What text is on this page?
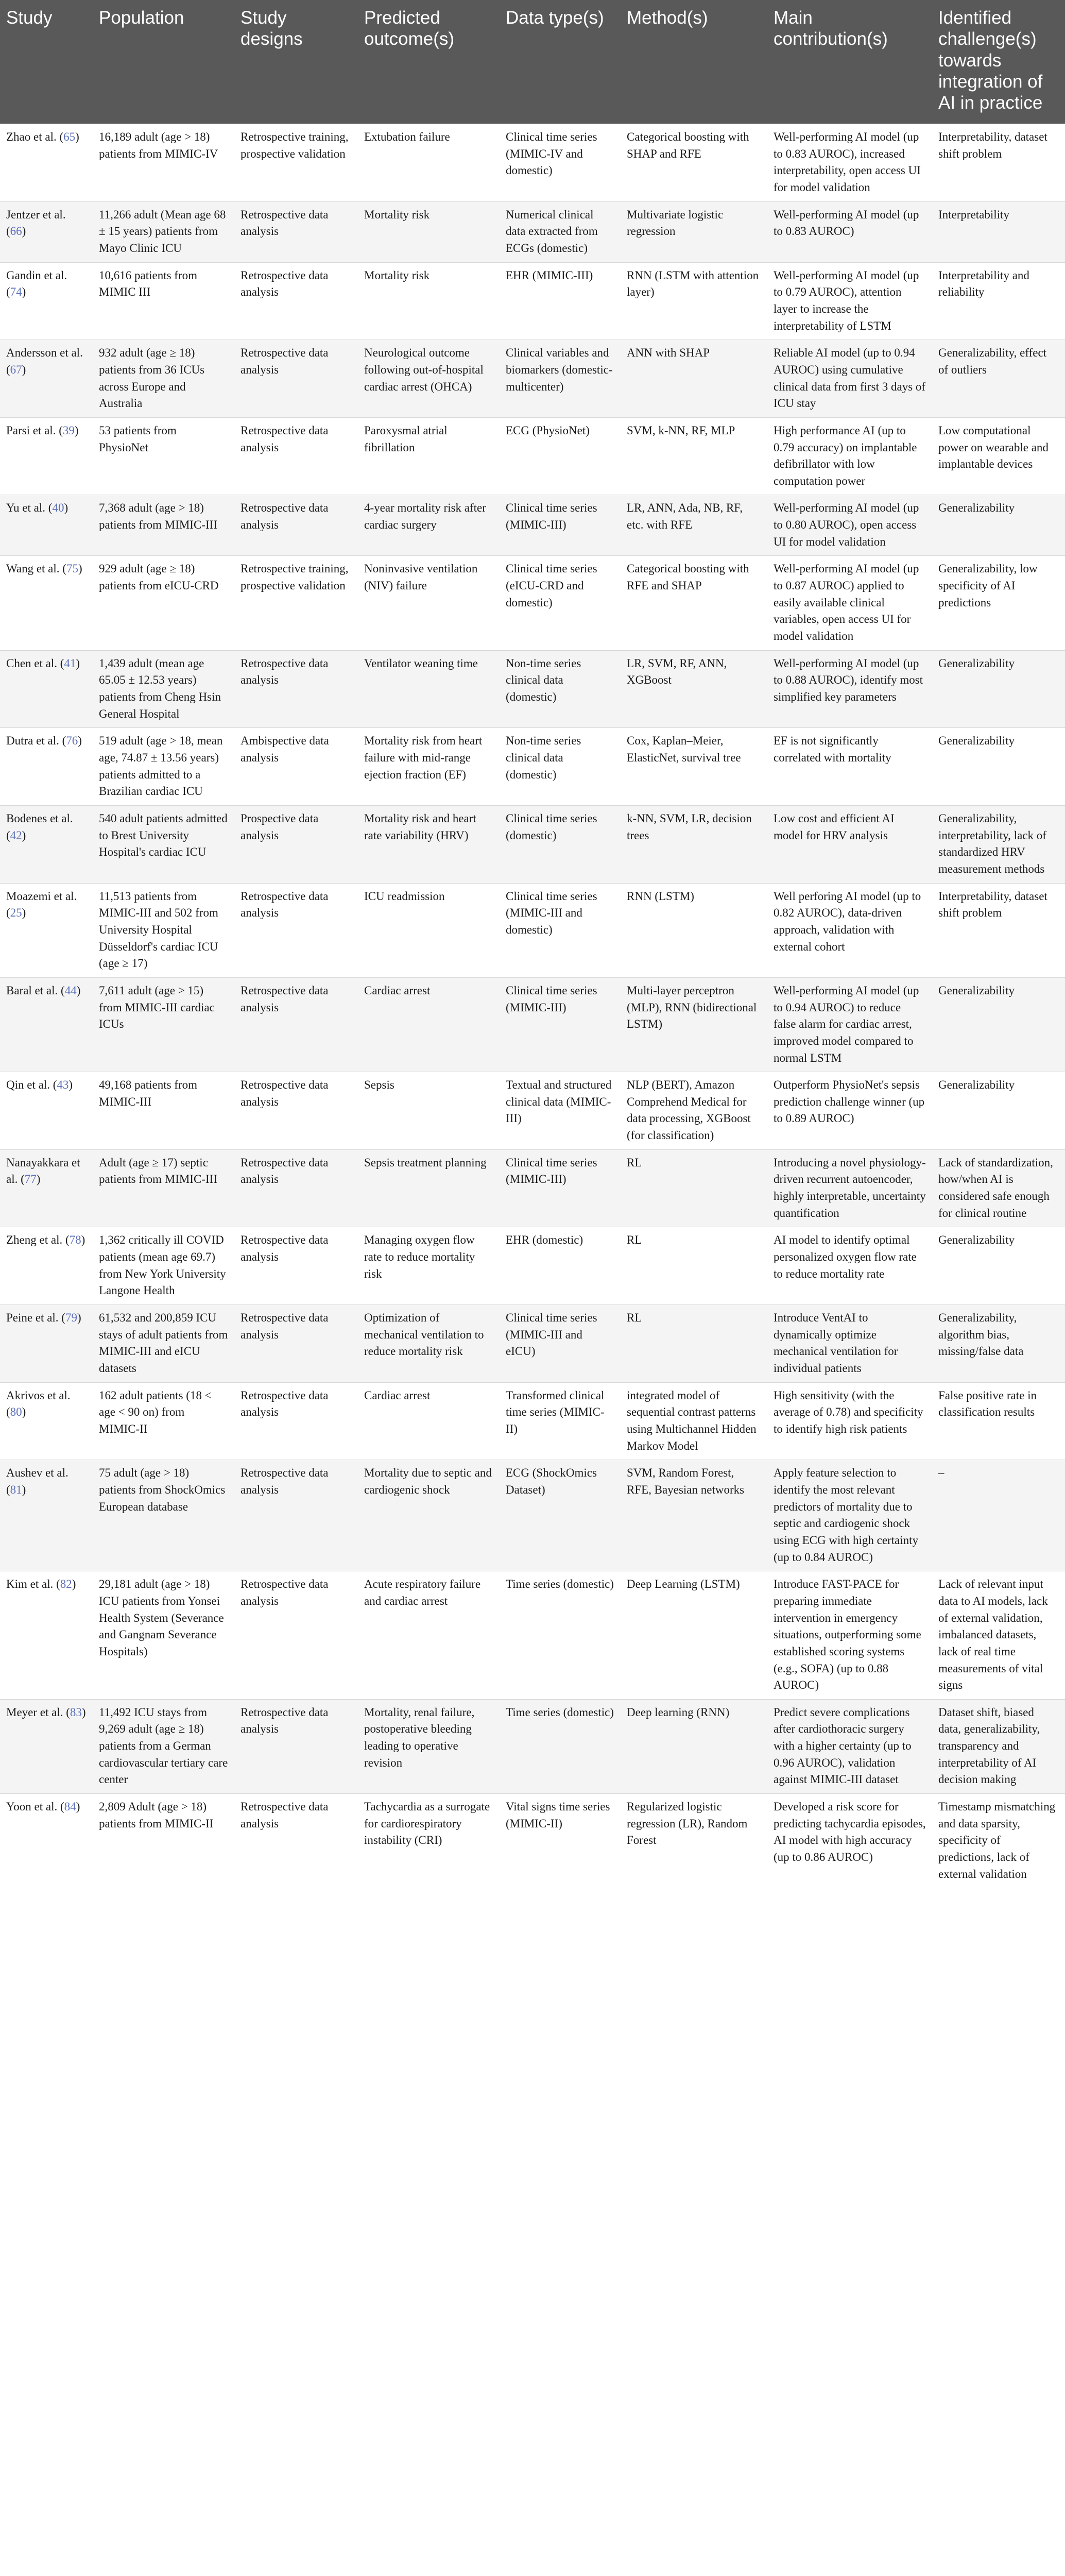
Study	Population	Study designs	Predicted outcome(s)	Data type(s)	Method(s)	Main contribution(s)	Identified challenge(s) towards integration of AI in practice
Zhao et al. (65)	16,189 adult (age > 18) patients from MIMIC-IV	Retrospective training, prospective validation	Extubation failure	Clinical time series (MIMIC-IV and domestic)	Categorical boosting with SHAP and RFE	Well-performing AI model (up to 0.83 AUROC), increased interpretability, open access UI for model validation	Interpretability, dataset shift problem
Jentzer et al. (66)	11,266 adult (Mean age 68 ± 15 years) patients from Mayo Clinic ICU	Retrospective data analysis	Mortality risk	Numerical clinical data extracted from ECGs (domestic)	Multivariate logistic regression	Well-performing AI model (up to 0.83 AUROC)	Interpretability
Gandin et al. (74)	10,616 patients from MIMIC III	Retrospective data analysis	Mortality risk	EHR (MIMIC-III)	RNN (LSTM with attention layer)	Well-performing AI model (up to 0.79 AUROC), attention layer to increase the interpretability of LSTM	Interpretability and reliability
Andersson et al. (67)	932 adult (age ≥ 18) patients from 36 ICUs across Europe and Australia	Retrospective data analysis	Neurological outcome following out-of-hospital cardiac arrest (OHCA)	Clinical variables and biomarkers (domestic-multicenter)	ANN with SHAP	Reliable AI model (up to 0.94 AUROC) using cumulative clinical data from first 3 days of ICU stay	Generalizability, effect of outliers
Parsi et al. (39)	53 patients from PhysioNet	Retrospective data analysis	Paroxysmal atrial fibrillation	ECG (PhysioNet)	SVM, k-NN, RF, MLP	High performance AI (up to 0.79 accuracy) on implantable defibrillator with low computation power	Low computational power on wearable and implantable devices
Yu et al. (40)	7,368 adult (age > 18) patients from MIMIC-III	Retrospective data analysis	4-year mortality risk after cardiac surgery	Clinical time series (MIMIC-III)	LR, ANN, Ada, NB, RF, etc. with RFE	Well-performing AI model (up to 0.80 AUROC), open access UI for model validation	Generalizability
Wang et al. (75)	929 adult (age ≥ 18) patients from eICU-CRD	Retrospective training, prospective validation	Noninvasive ventilation (NIV) failure	Clinical time series (eICU-CRD and domestic)	Categorical boosting with RFE and SHAP	Well-performing AI model (up to 0.87 AUROC) applied to easily available clinical variables, open access UI for model validation	Generalizability, low specificity of AI predictions
Chen et al. (41)	1,439 adult (mean age 65.05 ± 12.53 years) patients from Cheng Hsin General Hospital	Retrospective data analysis	Ventilator weaning time	Non-time series clinical data (domestic)	LR, SVM, RF, ANN, XGBoost	Well-performing AI model (up to 0.88 AUROC), identify most simplified key parameters	Generalizability
Dutra et al. (76)	519 adult (age > 18, mean age, 74.87 ± 13.56 years) patients admitted to a Brazilian cardiac ICU	Ambispective data analysis	Mortality risk from heart failure with mid-range ejection fraction (EF)	Non-time series clinical data (domestic)	Cox, Kaplan–Meier, ElasticNet, survival tree	EF is not significantly correlated with mortality	Generalizability
Bodenes et al. (42)	540 adult patients admitted to Brest University Hospital's cardiac ICU	Prospective data analysis	Mortality risk and heart rate variability (HRV)	Clinical time series (domestic)	k-NN, SVM, LR, decision trees	Low cost and efficient AI model for HRV analysis	Generalizability, interpretability, lack of standardized HRV measurement methods
Moazemi et al. (25)	11,513 patients from MIMIC-III and 502 from University Hospital Düsseldorf's cardiac ICU (age ≥ 17)	Retrospective data analysis	ICU readmission	Clinical time series (MIMIC-III and domestic)	RNN (LSTM)	Well perforing AI model (up to 0.82 AUROC), data-driven approach, validation with external cohort	Interpretability, dataset shift problem
Baral et al. (44)	7,611 adult (age > 15) from MIMIC-III cardiac ICUs	Retrospective data analysis	Cardiac arrest	Clinical time series (MIMIC-III)	Multi-layer perceptron (MLP), RNN (bidirectional LSTM)	Well-performing AI model (up to 0.94 AUROC) to reduce false alarm for cardiac arrest, improved model compared to normal LSTM	Generalizability
Qin et al. (43)	49,168 patients from MIMIC-III	Retrospective data analysis	Sepsis	Textual and structured clinical data (MIMIC-III)	NLP (BERT), Amazon Comprehend Medical for data processing, XGBoost (for classification)	Outperform PhysioNet's sepsis prediction challenge winner (up to 0.89 AUROC)	Generalizability
Nanayakkara et al. (77)	Adult (age ≥ 17) septic patients from MIMIC-III	Retrospective data analysis	Sepsis treatment planning	Clinical time series (MIMIC-III)	RL	Introducing a novel physiology-driven recurrent autoencoder, highly interpretable, uncertainty quantification	Lack of standardization, how/when AI is considered safe enough for clinical routine
Zheng et al. (78)	1,362 critically ill COVID patients (mean age 69.7) from New York University Langone Health	Retrospective data analysis	Managing oxygen flow rate to reduce mortality risk	EHR (domestic)	RL	AI model to identify optimal personalized oxygen flow rate to reduce mortality rate	Generalizability
Peine et al. (79)	61,532 and 200,859 ICU stays of adult patients from MIMIC-III and eICU datasets	Retrospective data analysis	Optimization of mechanical ventilation to reduce mortality risk	Clinical time series (MIMIC-III and eICU)	RL	Introduce VentAI to dynamically optimize mechanical ventilation for individual patients	Generalizability, algorithm bias, missing/false data
Akrivos et al. (80)	162 adult patients (18 < age < 90 on) from MIMIC-II	Retrospective data analysis	Cardiac arrest	Transformed clinical time series (MIMIC-II)	integrated model of sequential contrast patterns using Multichannel Hidden Markov Model	High sensitivity (with the average of 0.78) and specificity to identify high risk patients	False positive rate in classification results
Aushev et al. (81)	75 adult (age > 18) patients from ShockOmics European database	Retrospective data analysis	Mortality due to septic and cardiogenic shock	ECG (ShockOmics Dataset)	SVM, Random Forest, RFE, Bayesian networks	Apply feature selection to identify the most relevant predictors of mortality due to septic and cardiogenic shock using ECG with high certainty (up to 0.84 AUROC)	–
Kim et al. (82)	29,181 adult (age > 18) ICU patients from Yonsei Health System (Severance and Gangnam Severance Hospitals)	Retrospective data analysis	Acute respiratory failure and cardiac arrest	Time series (domestic)	Deep Learning (LSTM)	Introduce FAST-PACE for preparing immediate intervention in emergency situations, outperforming some established scoring systems (e.g., SOFA) (up to 0.88 AUROC)	Lack of relevant input data to AI models, lack of external validation, imbalanced datasets, lack of real time measurements of vital signs
Meyer et al. (83)	11,492 ICU stays from 9,269 adult (age ≥ 18) patients from a German cardiovascular tertiary care center	Retrospective data analysis	Mortality, renal failure, postoperative bleeding leading to operative revision	Time series (domestic)	Deep learning (RNN)	Predict severe complications after cardiothoracic surgery with a higher certainty (up to 0.96 AUROC), validation against MIMIC-III dataset	Dataset shift, biased data, generalizability, transparency and interpretability of AI decision making
Yoon et al. (84)	2,809 Adult (age > 18) patients from MIMIC-II	Retrospective data analysis	Tachycardia as a surrogate for cardiorespiratory instability (CRI)	Vital signs time series (MIMIC-II)	Regularized logistic regression (LR), Random Forest	Developed a risk score for predicting tachycardia episodes, AI model with high accuracy (up to 0.86 AUROC)	Timestamp mismatching and data sparsity, specificity of predictions, lack of external validation
